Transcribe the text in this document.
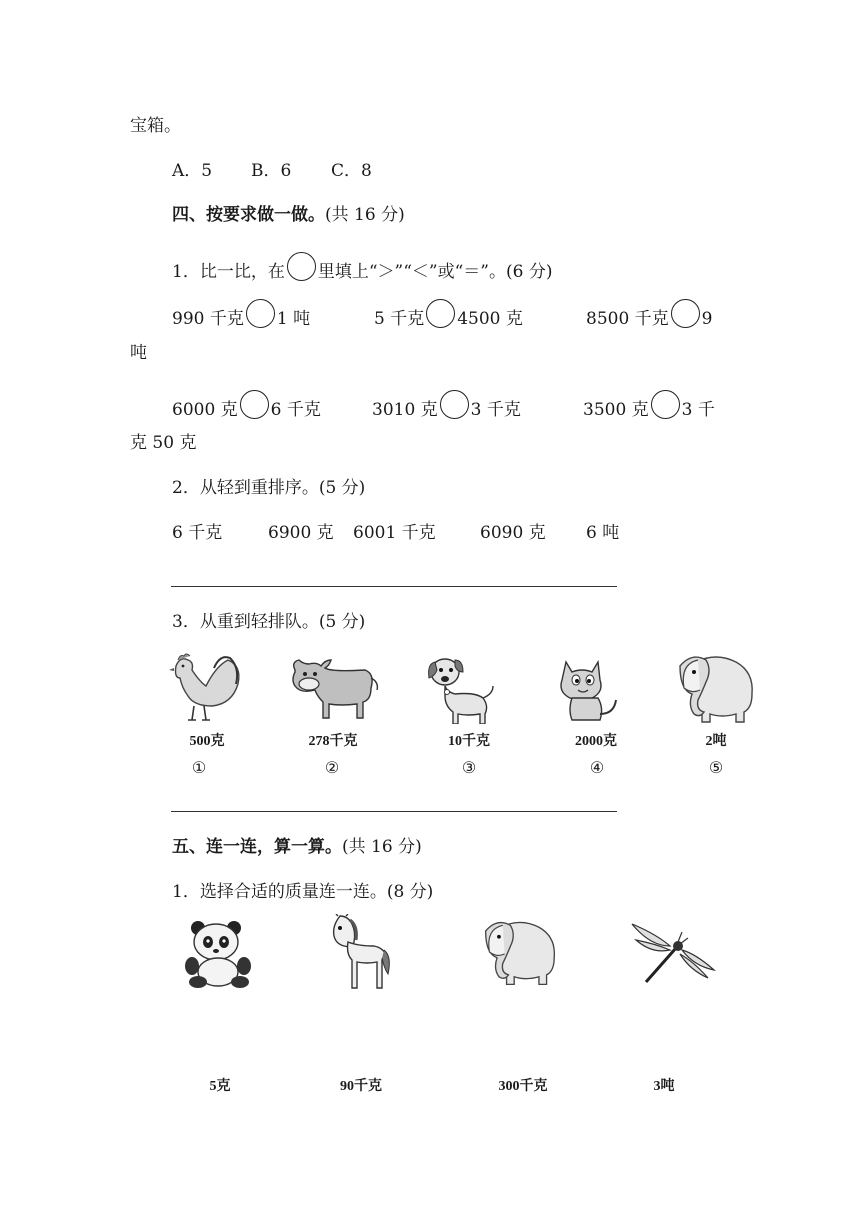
宝箱。
A．5 B．6 C．8
四、按要求做一做。(共 16 分)
1．比一比，在 里填上“＞”“＜”或“＝”。(6 分)
990 千克 1 吨	5 千克 4500 克	8500 千克 9
吨
6000 克 6 千克	3010 克 3 千克	3500 克 3 千
克 50 克
2．从轻到重排序。(5 分)
6 千克	6900 克 6001 千克	6090 克 6 吨
3．从重到轻排队。(5 分)
500克	278千克	10千克	2000克	2吨
①	②	③	④	⑤
五、连一连，算一算。(共 16 分)
1．选择合适的质量连一连。(8 分)
5克	90千克	300千克	3吨
